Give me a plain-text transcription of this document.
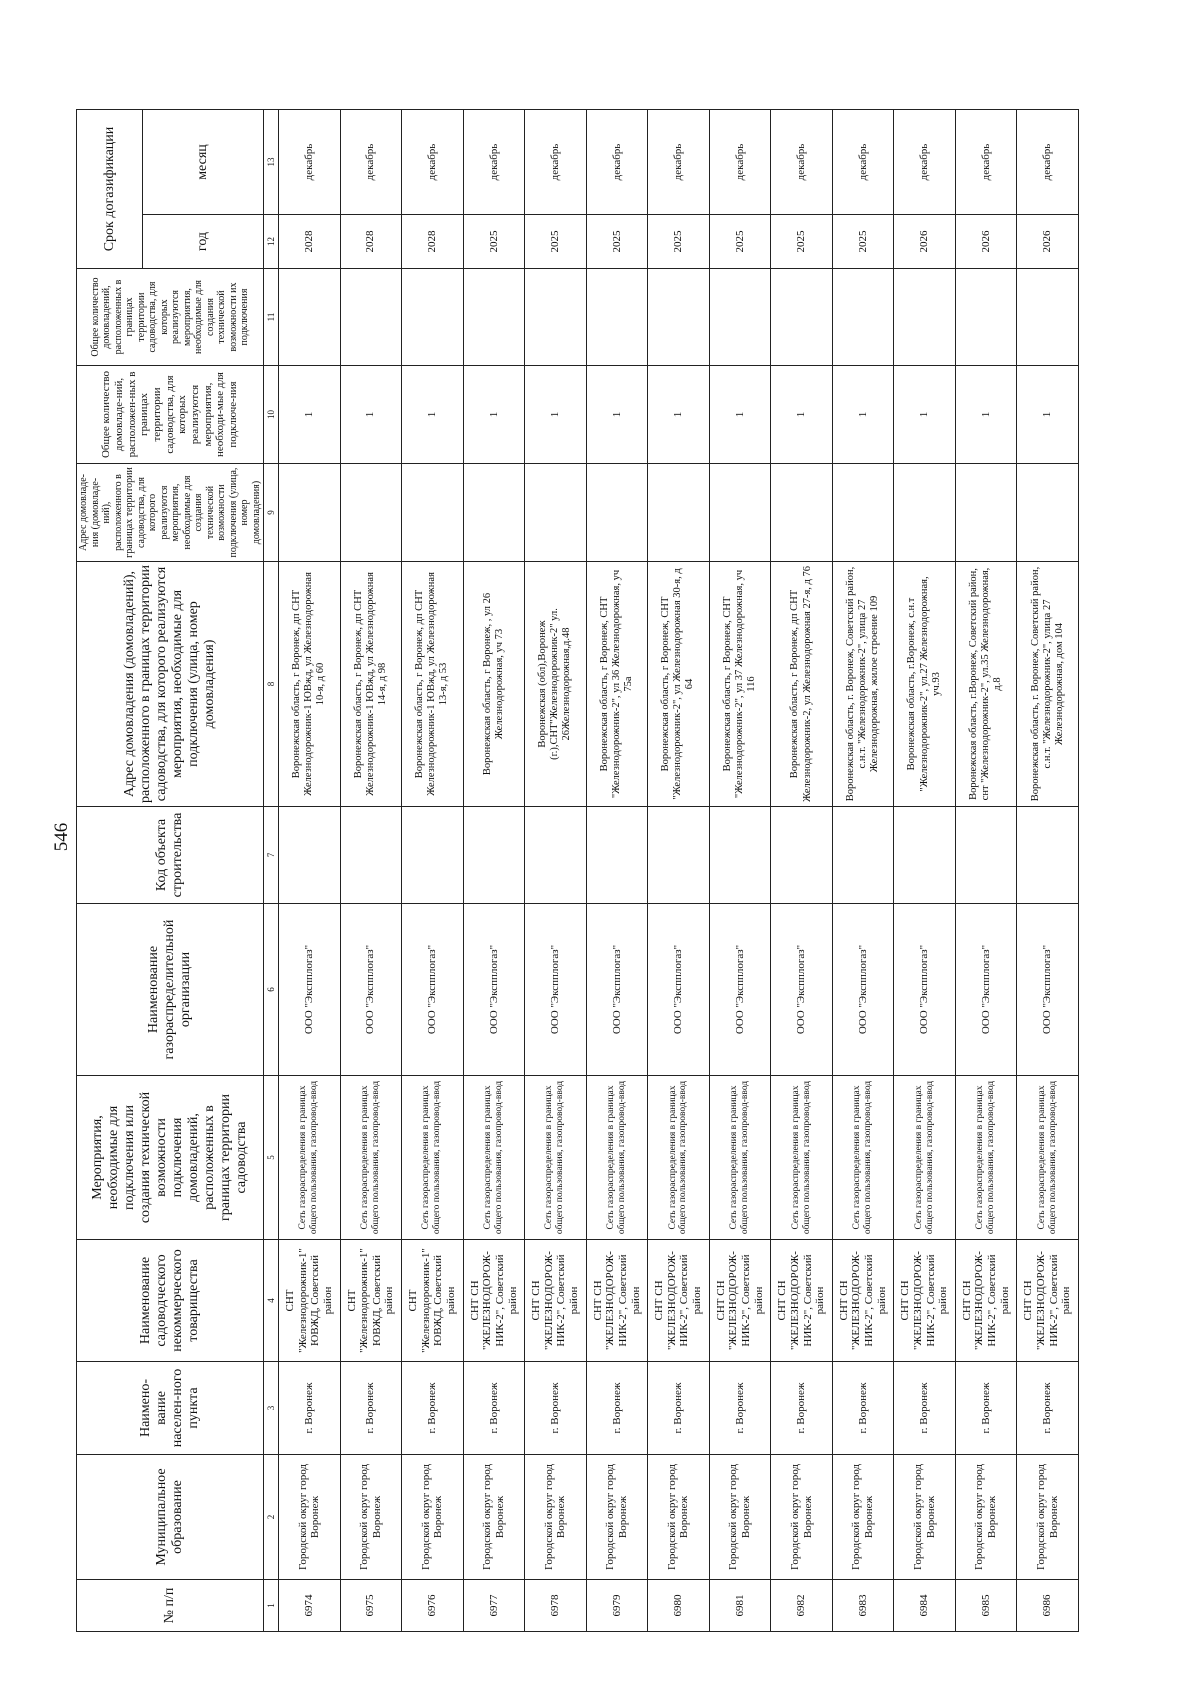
546
№ п/п	Муниципальное образование	Наимено-вание населен-ного пункта	Наименование садоводческого некоммерческого товарищества	Мероприятия, необходимые для подключения или создания технической возможности подключения домовладений, расположенных в границах территории садоводства	Наименование газораспределительной организации	Код объекта строительства	Адрес домовладения (домовладений), расположенного в границах территории садоводства, для которого реализуются мероприятия, необходимые для подключения (улица, номер домовладения)	Адрес домовладе-ния (домовладе-ний), расположенного в границах территории садоводства, для которого реализуются мероприятия, необходимые для создания технической возможности подключения (улица, номер домовладения)	Общее количество домовладе-ний, расположен-ных в границах территории садоводства, для которых реализуются мероприятия, необходи-мые для подключе-ния	Общее количество домовладений, расположенных в границах территории садоводства, для которых реализуются мероприятия, необходимые для создания технической возможности их подключения	Срок догазификации	
											год	месяц
1	2	3	4	5	6	7	8	9	10	11	12	13
6974	Городской округ город Воронеж	г. Воронеж	СНТ "Железнодорожник-1" ЮВЖД, Советский район	Сеть газораспределения в границах общего пользования, газопровод-ввод	ООО "Экспплогаз"		Воронежская область, г Воронеж, дп СНТ Железнодорожник-1 ЮВжд, ул Железнодорожная 10-я, д 60		1		2028	декабрь
6975	Городской округ город Воронеж	г. Воронеж	СНТ "Железнодорожник-1" ЮВЖД, Советский район	Сеть газораспределения в границах общего пользования, газопровод-ввод	ООО "Экспплогаз"		Воронежская область, г Воронеж, дп СНТ Железнодорожник-1 ЮВжд, ул Железнодорожная 14-я, д 98		1		2028	декабрь
6976	Городской округ город Воронеж	г. Воронеж	СНТ "Железнодорожник-1" ЮВЖД, Советский район	Сеть газораспределения в границах общего пользования, газопровод-ввод	ООО "Экспплогаз"		Воронежская область, г Воронеж, дп СНТ Железнодорожник-1 ЮВжд, ул Железнодорожная 13-я, д 53		1		2028	декабрь
6977	Городской округ город Воронеж	г. Воронеж	СНТ СН "ЖЕЛЕЗНОДОРОЖ-НИК-2", Советский район	Сеть газораспределения в границах общего пользования, газопровод-ввод	ООО "Экспплогаз"		Воронежская область, г Воронеж, , ул 26 Железнодорожная, уч 73		1		2025	декабрь
6978	Городской округ город Воронеж	г. Воронеж	СНТ СН "ЖЕЛЕЗНОДОРОЖ-НИК-2", Советский район	Сеть газораспределения в границах общего пользования, газопровод-ввод	ООО "Экспплогаз"		Воронежская (обл),Воронеж (г.),СНТ"Железнодорожник-2" ул. 26Железнодорожная,д.48		1		2025	декабрь
6979	Городской округ город Воронеж	г. Воронеж	СНТ СН "ЖЕЛЕЗНОДОРОЖ-НИК-2", Советский район	Сеть газораспределения в границах общего пользования, газопровод-ввод	ООО "Экспплогаз"		Воронежская область, г Воронеж, СНТ "Железнодорожник-2", ул 36 Железнодорожная, уч 75а		1		2025	декабрь
6980	Городской округ город Воронеж	г. Воронеж	СНТ СН "ЖЕЛЕЗНОДОРОЖ-НИК-2", Советский район	Сеть газораспределения в границах общего пользования, газопровод-ввод	ООО "Экспплогаз"		Воронежская область, г Воронеж, СНТ "Железнодорожник-2", ул Железнодорожная 30-я, д 64		1		2025	декабрь
6981	Городской округ город Воронеж	г. Воронеж	СНТ СН "ЖЕЛЕЗНОДОРОЖ-НИК-2", Советский район	Сеть газораспределения в границах общего пользования, газопровод-ввод	ООО "Экспплогаз"		Воронежская область, г Воронеж, СНТ "Железнодорожник-2", ул 37 Железнодорожная, уч 116		1		2025	декабрь
6982	Городской округ город Воронеж	г. Воронеж	СНТ СН "ЖЕЛЕЗНОДОРОЖ-НИК-2", Советский район	Сеть газораспределения в границах общего пользования, газопровод-ввод	ООО "Экспплогаз"		Воронежская область, г Воронеж, дп СНТ Железнодорожник-2, ул Железнодорожная 27-я, д 76		1		2025	декабрь
6983	Городской округ город Воронеж	г. Воронеж	СНТ СН "ЖЕЛЕЗНОДОРОЖ-НИК-2", Советский район	Сеть газораспределения в границах общего пользования, газопровод-ввод	ООО "Экспплогаз"		Воронежская область, г. Воронеж, Советский район, с.н.т. "Железнодорожник-2", улица 27 Железнодорожная, жилое строение 109		1		2025	декабрь
6984	Городской округ город Воронеж	г. Воронеж	СНТ СН "ЖЕЛЕЗНОДОРОЖ-НИК-2", Советский район	Сеть газораспределения в границах общего пользования, газопровод-ввод	ООО "Экспплогаз"		Воронежская область, г.Воронеж, с.н.т "Железнодорожник-2", ул.27 Железнодорожная, уч.93		1		2026	декабрь
6985	Городской округ город Воронеж	г. Воронеж	СНТ СН "ЖЕЛЕЗНОДОРОЖ-НИК-2", Советский район	Сеть газораспределения в границах общего пользования, газопровод-ввод	ООО "Экспплогаз"		Воронежская область, г.Воронеж, Советский район, снт "Железнодорожник-2", ул.35 Железнодорожная, д.8		1		2026	декабрь
6986	Городской округ город Воронеж	г. Воронеж	СНТ СН "ЖЕЛЕЗНОДОРОЖ-НИК-2", Советский район	Сеть газораспределения в границах общего пользования, газопровод-ввод	ООО "Экспплогаз"		Воронежская область, г. Воронеж, Советский район, с.н.т. "Железнодорожник-2", улица 27 Железнодорожная, дом 104		1		2026	декабрь
